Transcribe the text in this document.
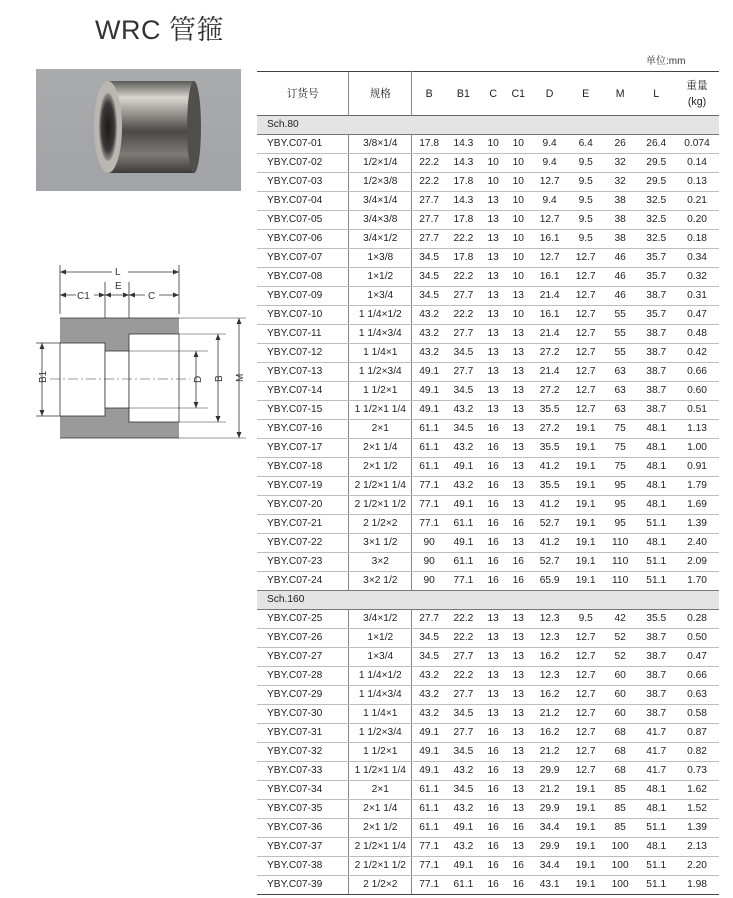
WRC 管箍
单位:mm
L
C1
E
C
B1	D B M
订货号	规格	B	B1	C	C1	D	E	M	L	重量
(kg)
Sch.80										
YBY.C07-01	3/8×1/4	17.8	14.3	10	10	9.4	6.4	26	26.4	0.074
YBY.C07-02	1/2×1/4	22.2	14.3	10	10	9.4	9.5	32	29.5	0.14
YBY.C07-03	1/2×3/8	22.2	17.8	10	10	12.7	9.5	32	29.5	0.13
YBY.C07-04	3/4×1/4	27.7	14.3	13	10	9.4	9.5	38	32.5	0.21
YBY.C07-05	3/4×3/8	27.7	17.8	13	10	12.7	9.5	38	32.5	0.20
YBY.C07-06	3/4×1/2	27.7	22.2	13	10	16.1	9.5	38	32.5	0.18
YBY.C07-07	1×3/8	34.5	17.8	13	10	12.7	12.7	46	35.7	0.34
YBY.C07-08	1×1/2	34.5	22.2	13	10	16.1	12.7	46	35.7	0.32
YBY.C07-09	1×3/4	34.5	27.7	13	13	21.4	12.7	46	38.7	0.31
YBY.C07-10	1 1/4×1/2	43.2	22.2	13	10	16.1	12.7	55	35.7	0.47
YBY.C07-11	1 1/4×3/4	43.2	27.7	13	13	21.4	12.7	55	38.7	0.48
YBY.C07-12	1 1/4×1	43.2	34.5	13	13	27.2	12.7	55	38.7	0.42
YBY.C07-13	1 1/2×3/4	49.1	27.7	13	13	21.4	12.7	63	38.7	0.66
YBY.C07-14	1 1/2×1	49.1	34.5	13	13	27.2	12.7	63	38.7	0.60
YBY.C07-15	1 1/2×1 1/4	49.1	43.2	13	13	35.5	12.7	63	38.7	0.51
YBY.C07-16	2×1	61.1	34.5	16	13	27.2	19.1	75	48.1	1.13
YBY.C07-17	2×1 1/4	61.1	43.2	16	13	35.5	19.1	75	48.1	1.00
YBY.C07-18	2×1 1/2	61.1	49.1	16	13	41.2	19.1	75	48.1	0.91
YBY.C07-19	2 1/2×1 1/4	77.1	43.2	16	13	35.5	19.1	95	48.1	1.79
YBY.C07-20	2 1/2×1 1/2	77.1	49.1	16	13	41.2	19.1	95	48.1	1.69
YBY.C07-21	2 1/2×2	77.1	61.1	16	16	52.7	19.1	95	51.1	1.39
YBY.C07-22	3×1 1/2	90	49.1	16	13	41.2	19.1	110	48.1	2.40
YBY.C07-23	3×2	90	61.1	16	16	52.7	19.1	110	51.1	2.09
YBY.C07-24	3×2 1/2	90	77.1	16	16	65.9	19.1	110	51.1	1.70
Sch.160										
YBY.C07-25	3/4×1/2	27.7	22.2	13	13	12.3	9.5	42	35.5	0.28
YBY.C07-26	1×1/2	34.5	22.2	13	13	12.3	12.7	52	38.7	0.50
YBY.C07-27	1×3/4	34.5	27.7	13	13	16.2	12.7	52	38.7	0.47
YBY.C07-28	1 1/4×1/2	43.2	22.2	13	13	12.3	12.7	60	38.7	0.66
YBY.C07-29	1 1/4×3/4	43.2	27.7	13	13	16.2	12.7	60	38.7	0.63
YBY.C07-30	1 1/4×1	43.2	34.5	13	13	21.2	12.7	60	38.7	0.58
YBY.C07-31	1 1/2×3/4	49.1	27.7	16	13	16.2	12.7	68	41.7	0.87
YBY.C07-32	1 1/2×1	49.1	34.5	16	13	21.2	12.7	68	41.7	0.82
YBY.C07-33	1 1/2×1 1/4	49.1	43.2	16	13	29.9	12.7	68	41.7	0.73
YBY.C07-34	2×1	61.1	34.5	16	13	21.2	19.1	85	48.1	1.62
YBY.C07-35	2×1 1/4	61.1	43.2	16	13	29.9	19.1	85	48.1	1.52
YBY.C07-36	2×1 1/2	61.1	49.1	16	16	34.4	19.1	85	51.1	1.39
YBY.C07-37	2 1/2×1 1/4	77.1	43.2	16	13	29.9	19.1	100	48.1	2.13
YBY.C07-38	2 1/2×1 1/2	77.1	49.1	16	16	34.4	19.1	100	51.1	2.20
YBY.C07-39	2 1/2×2	77.1	61.1	16	16	43.1	19.1	100	51.1	1.98
